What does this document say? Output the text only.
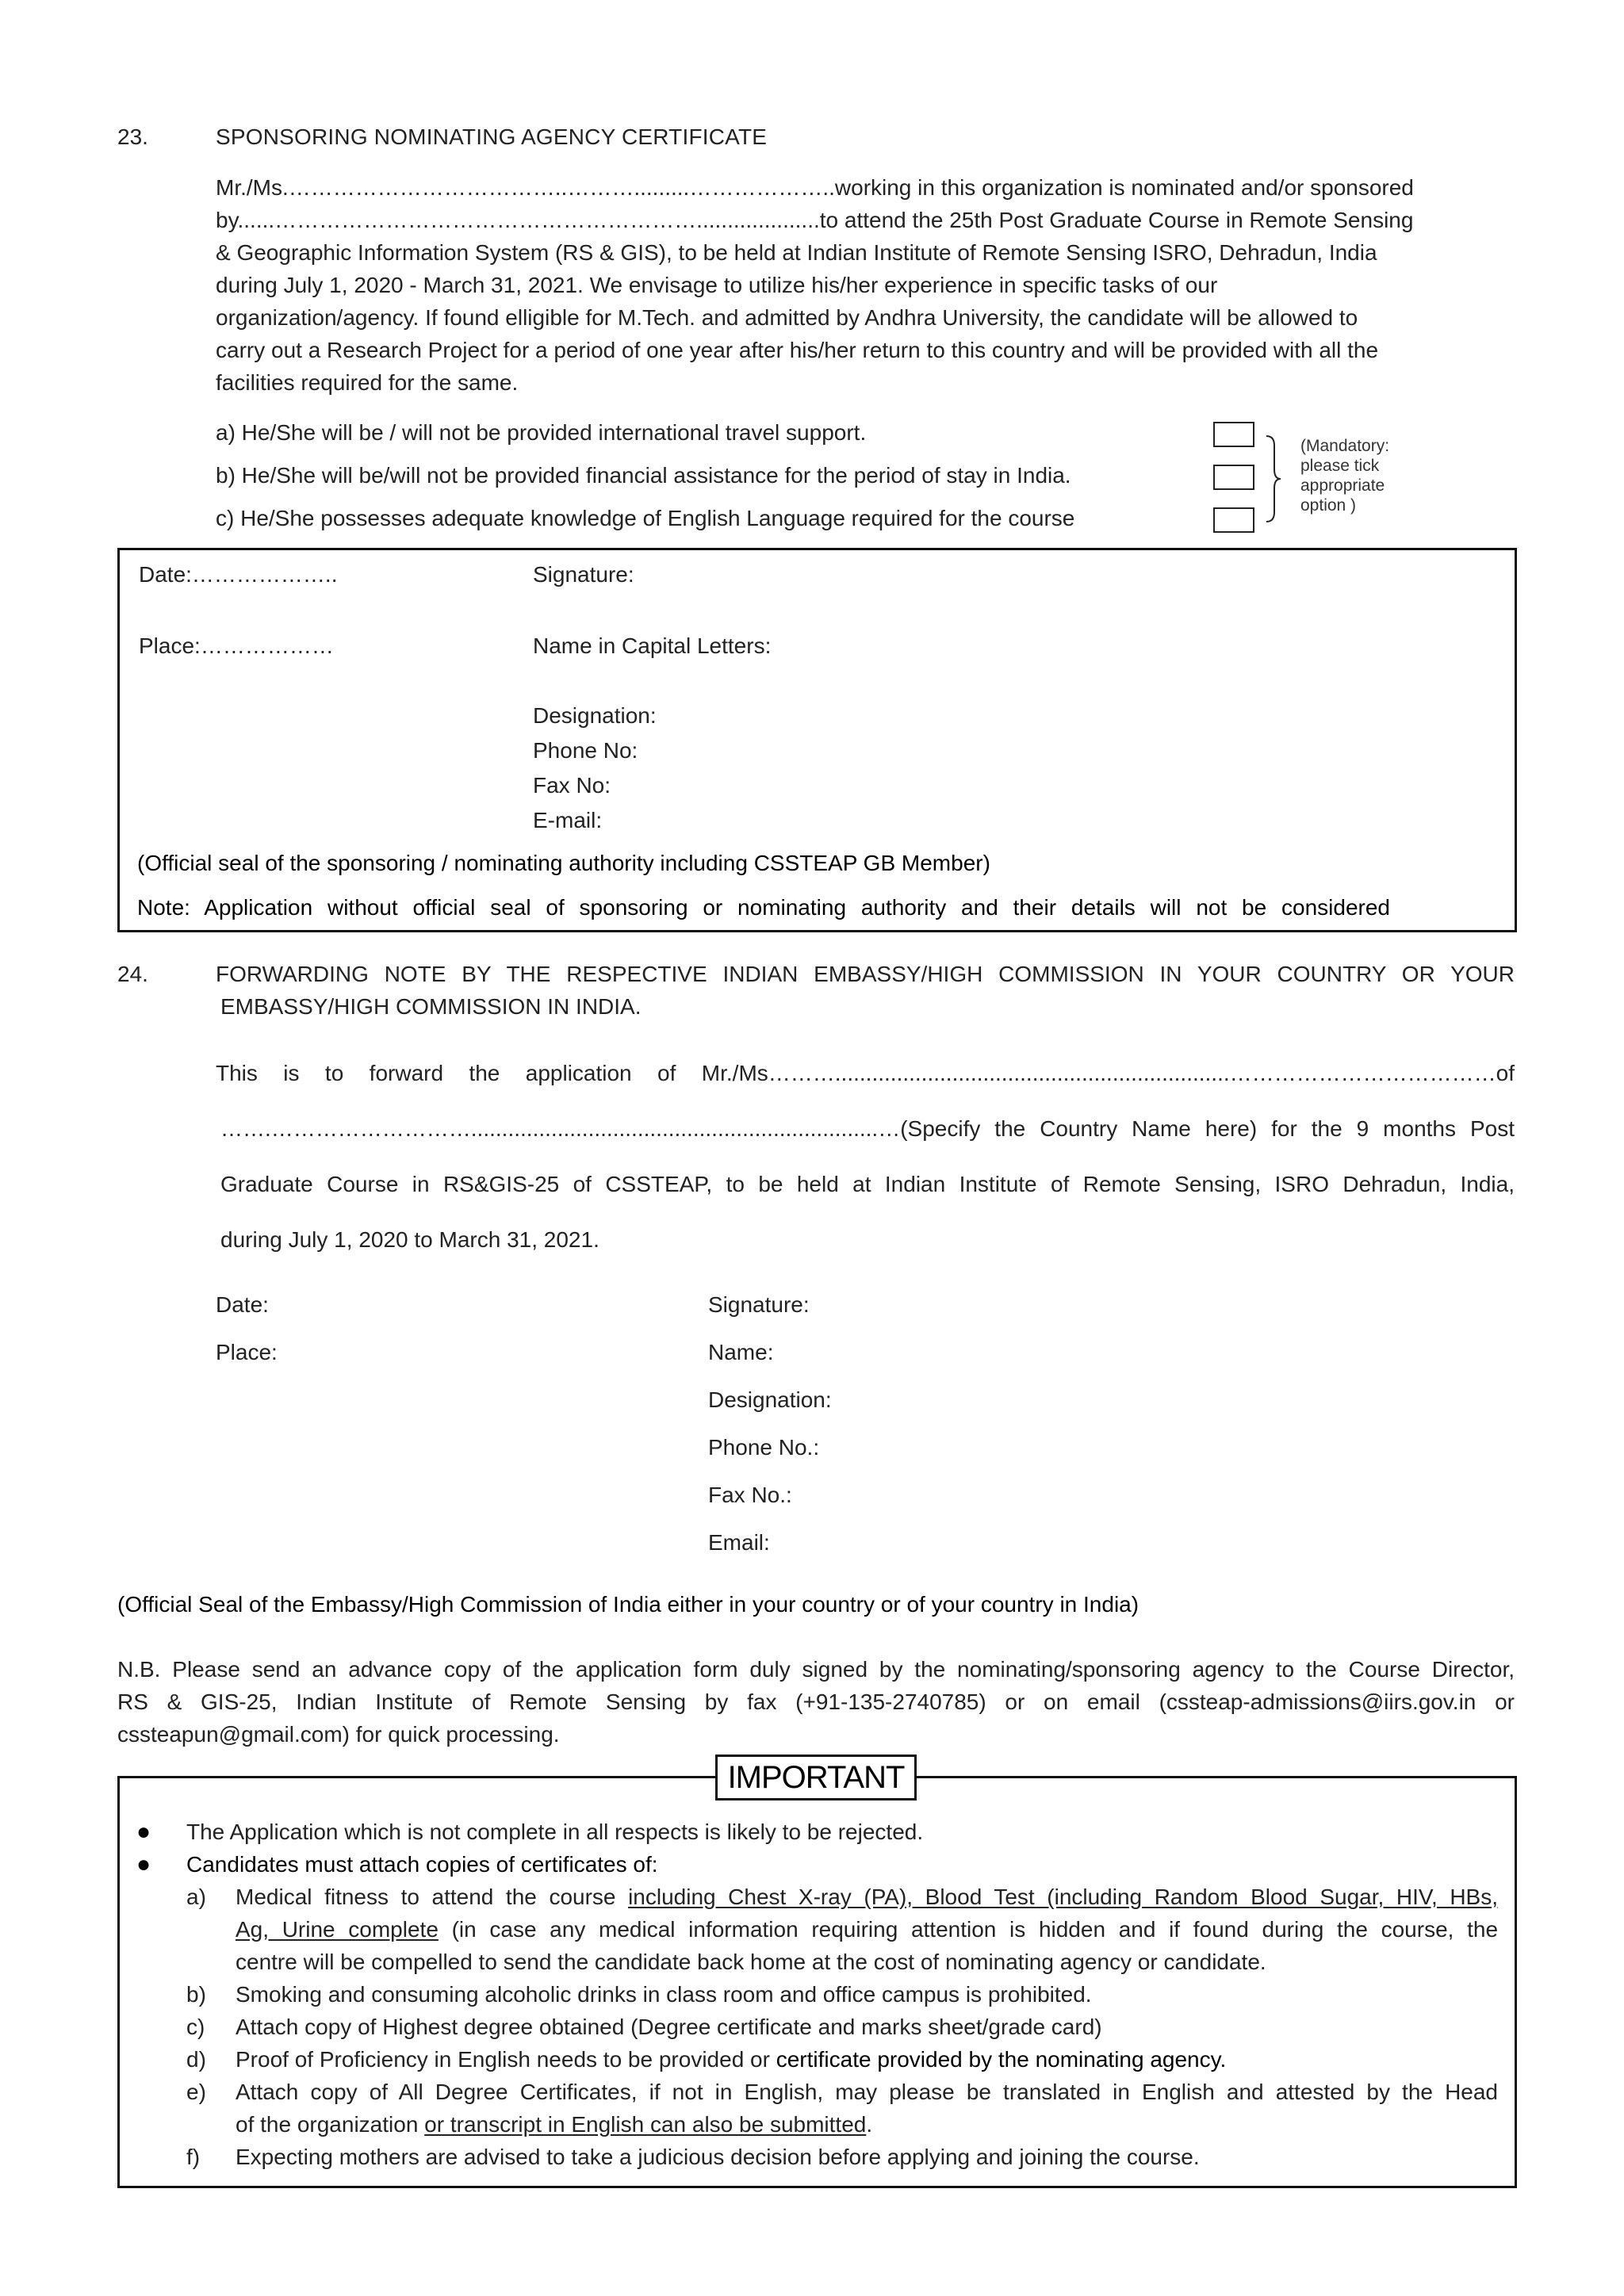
23.	SPONSORING NOMINATING AGENCY CERTIFICATE
Mr./Ms.………………………………..……….........………………..working in this organization is nominated and/or sponsored
by......…………………………………………………....................to attend the 25th Post Graduate Course in Remote Sensing
& Geographic Information System (RS & GIS), to be held at Indian Institute of Remote Sensing ISRO, Dehradun, India
during July 1, 2020 - March 31, 2021. We envisage to utilize his/her experience in specific tasks of our
organization/agency. If found elligible for M.Tech. and admitted by Andhra University, the candidate will be allowed to
carry out a Research Project for a period of one year after his/her return to this country and will be provided with all the
facilities required for the same.
a) He/She will be / will not be provided international travel support.
b) He/She will be/will not be provided financial assistance for the period of stay in India.
c) He/She possesses adequate knowledge of English Language required for the course
(Mandatory: please tick appropriate option )
Date:………………..	Signature:
Place:………………	Name in Capital Letters:
Designation:
Phone No:
Fax No:
E-mail:
(Official seal of the sponsoring / nominating authority including CSSTEAP GB Member)
Note: Application without official seal of sponsoring or nominating authority and their details will not be considered
24.	FORWARDING NOTE BY THE RESPECTIVE INDIAN EMBASSY/HIGH COMMISSION IN YOUR COUNTRY OR YOUR
EMBASSY/HIGH COMMISSION IN INDIA.
This is to forward the application of Mr./Ms………................................................................………………………………of
…….………………………..................................................................…(Specify the Country Name here) for the 9 months Post
Graduate Course in RS&GIS-25 of CSSTEAP, to be held at Indian Institute of Remote Sensing, ISRO Dehradun, India,
during July 1, 2020 to March 31, 2021.
Date:
Place:
Signature:
Name:
Designation:
Phone No.:
Fax No.:
Email:
(Official Seal of the Embassy/High Commission of India either in your country or of your country in India)
N.B. Please send an advance copy of the application form duly signed by the nominating/sponsoring agency to the Course Director,
RS & GIS-25, Indian Institute of Remote Sensing by fax (+91-135-2740785) or on email (cssteap-admissions@iirs.gov.in or
cssteapun@gmail.com) for quick processing.
IMPORTANT
● The Application which is not complete in all respects is likely to be rejected.
● Candidates must attach copies of certificates of:
a)	Medical fitness to attend the course including Chest X-ray (PA), Blood Test (including Random Blood Sugar, HIV, HBs,
Ag, Urine complete (in case any medical information requiring attention is hidden and if found during the course, the
centre will be compelled to send the candidate back home at the cost of nominating agency or candidate.
b)	Smoking and consuming alcoholic drinks in class room and office campus is prohibited.
c)	Attach copy of Highest degree obtained (Degree certificate and marks sheet/grade card)
d)	Proof of Proficiency in English needs to be provided or certificate provided by the nominating agency.
e)	Attach copy of All Degree Certificates, if not in English, may please be translated in English and attested by the Head
of the organization or transcript in English can also be submitted.
f)	Expecting mothers are advised to take a judicious decision before applying and joining the course.
